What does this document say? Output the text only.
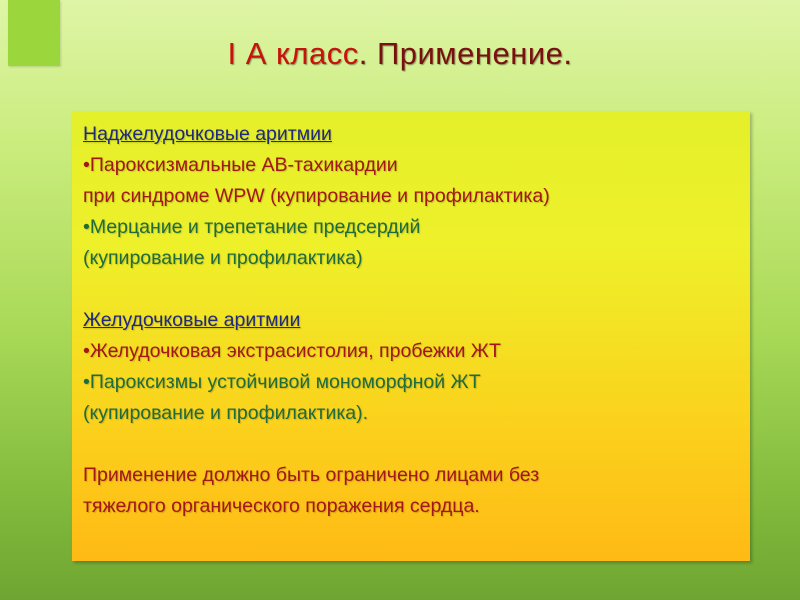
I А класс. Применение.
Наджелудочковые аритмии
•Пароксизмальные АВ-тахикардии
при синдроме WPW (купирование и профилактика)
•Мерцание и трепетание предсердий
(купирование и профилактика)
Желудочковые аритмии
•Желудочковая экстрасистолия, пробежки ЖТ
•Пароксизмы устойчивой мономорфной ЖТ
(купирование и профилактика).
Применение должно быть ограничено лицами без
тяжелого органического поражения сердца.
